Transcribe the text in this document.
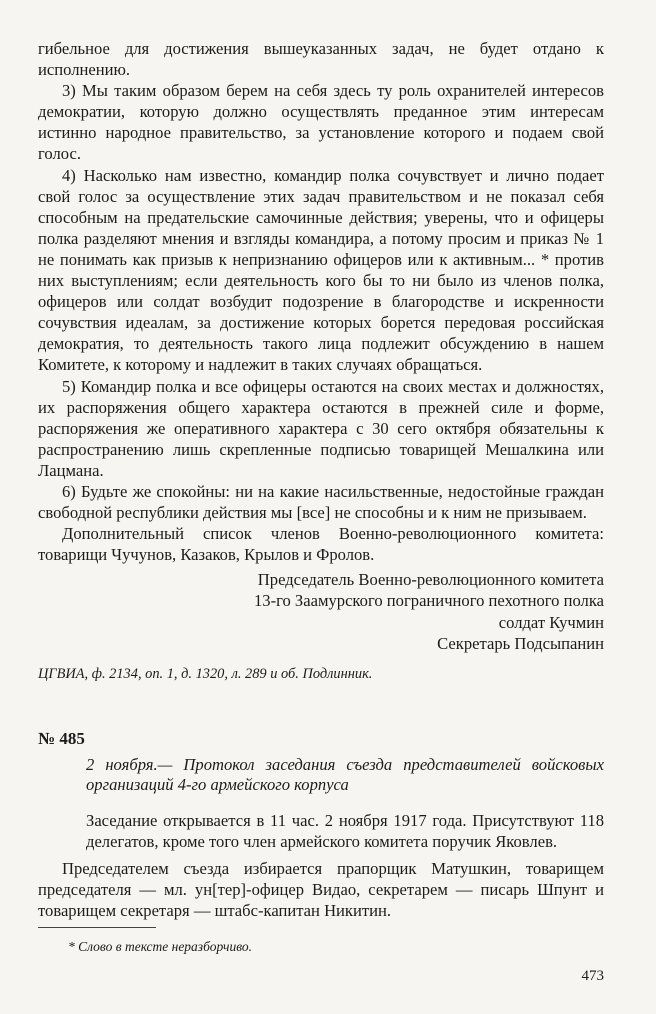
гибельное для достижения вышеуказанных задач, не будет отдано к исполнению.

3) Мы таким образом берем на себя здесь ту роль охранителей интересов демократии, которую должно осуществлять преданное этим интересам истинно народное правительство, за установление которого и подаем свой голос.

4) Насколько нам известно, командир полка сочувствует и лично подает свой голос за осуществление этих задач правительством и не показал себя способным на предательские самочинные действия; уверены, что и офицеры полка разделяют мнения и взгляды командира, а потому просим и приказ № 1 не понимать как призыв к непризнанию офицеров или к активным... * против них выступлениям; если деятельность кого бы то ни было из членов полка, офицеров или солдат возбудит подозрение в благородстве и искренности сочувствия идеалам, за достижение которых борется передовая российская демократия, то деятельность такого лица подлежит обсуждению в нашем Комитете, к которому и надлежит в таких случаях обращаться.

5) Командир полка и все офицеры остаются на своих местах и должностях, их распоряжения общего характера остаются в прежней силе и форме, распоряжения же оперативного характера с 30 сего октября обязательны к распространению лишь скрепленные подписью товарищей Мешалкина или Лацмана.

6) Будьте же спокойны: ни на какие насильственные, недостойные граждан свободной республики действия мы [все] не способны и к ним не призываем.

Дополнительный список членов Военно-революционного комитета: товарищи Чучунов, Казаков, Крылов и Фролов.

Председатель Военно-революционного комитета

13-го Заамурского пограничного пехотного полка

солдат Кучмин

Секретарь Подсыпанин

ЦГВИА, ф. 2134, оп. 1, д. 1320, л. 289 и об. Подлинник.

№ 485

2 ноября.— Протокол заседания съезда представителей войсковых организаций 4-го армейского корпуса

Заседание открывается в 11 час. 2 ноября 1917 года. Присутствуют 118 делегатов, кроме того член армейского комитета поручик Яковлев.

Председателем съезда избирается прапорщик Матушкин, товарищем председателя — мл. ун[тер]-офицер Видао, секретарем — писарь Шпунт и товарищем секретаря — штабс-капитан Никитин.

* Слово в тексте неразборчиво.

473
